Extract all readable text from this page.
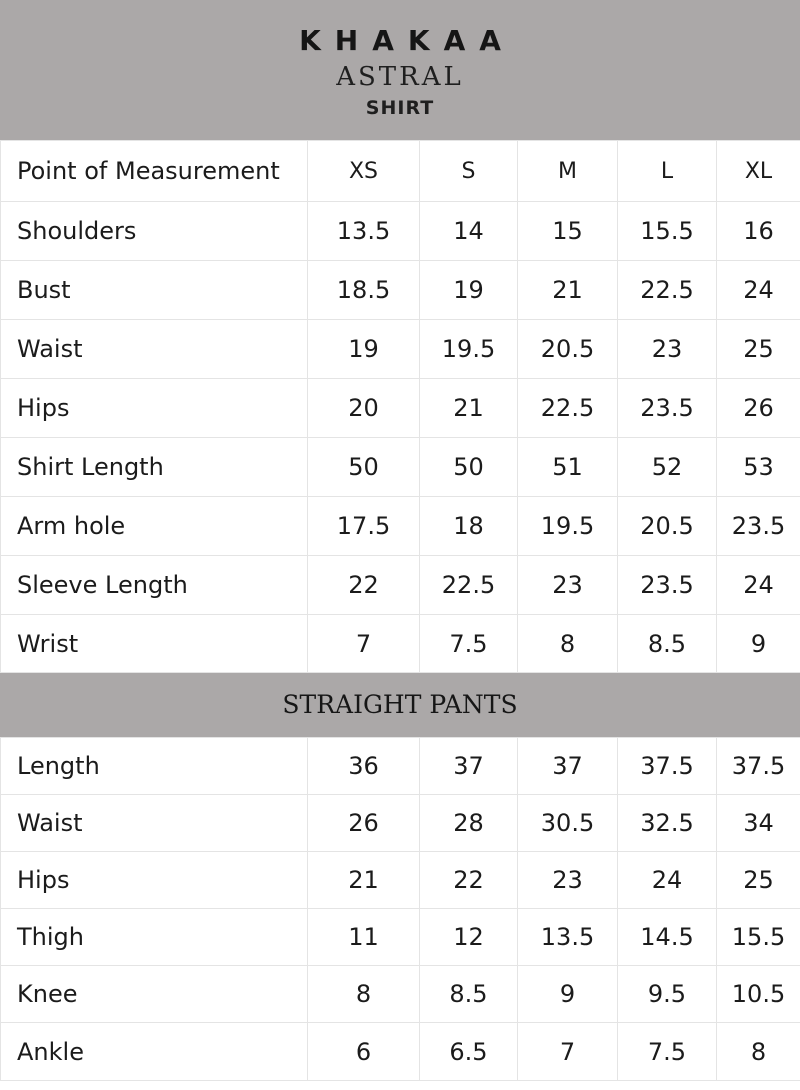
KHAKAA
ASTRAL
SHIRT
Point of Measurement	XS	S	M	L	XL
Shoulders	13.5	14	15	15.5	16
Bust	18.5	19	21	22.5	24
Waist	19	19.5	20.5	23	25
Hips	20	21	22.5	23.5	26
Shirt Length	50	50	51	52	53
Arm hole	17.5	18	19.5	20.5	23.5
Sleeve Length	22	22.5	23	23.5	24
Wrist	7	7.5	8	8.5	9
STRAIGHT PANTS
Length	36	37	37	37.5	37.5
Waist	26	28	30.5	32.5	34
Hips	21	22	23	24	25
Thigh	11	12	13.5	14.5	15.5
Knee	8	8.5	9	9.5	10.5
Ankle	6	6.5	7	7.5	8
